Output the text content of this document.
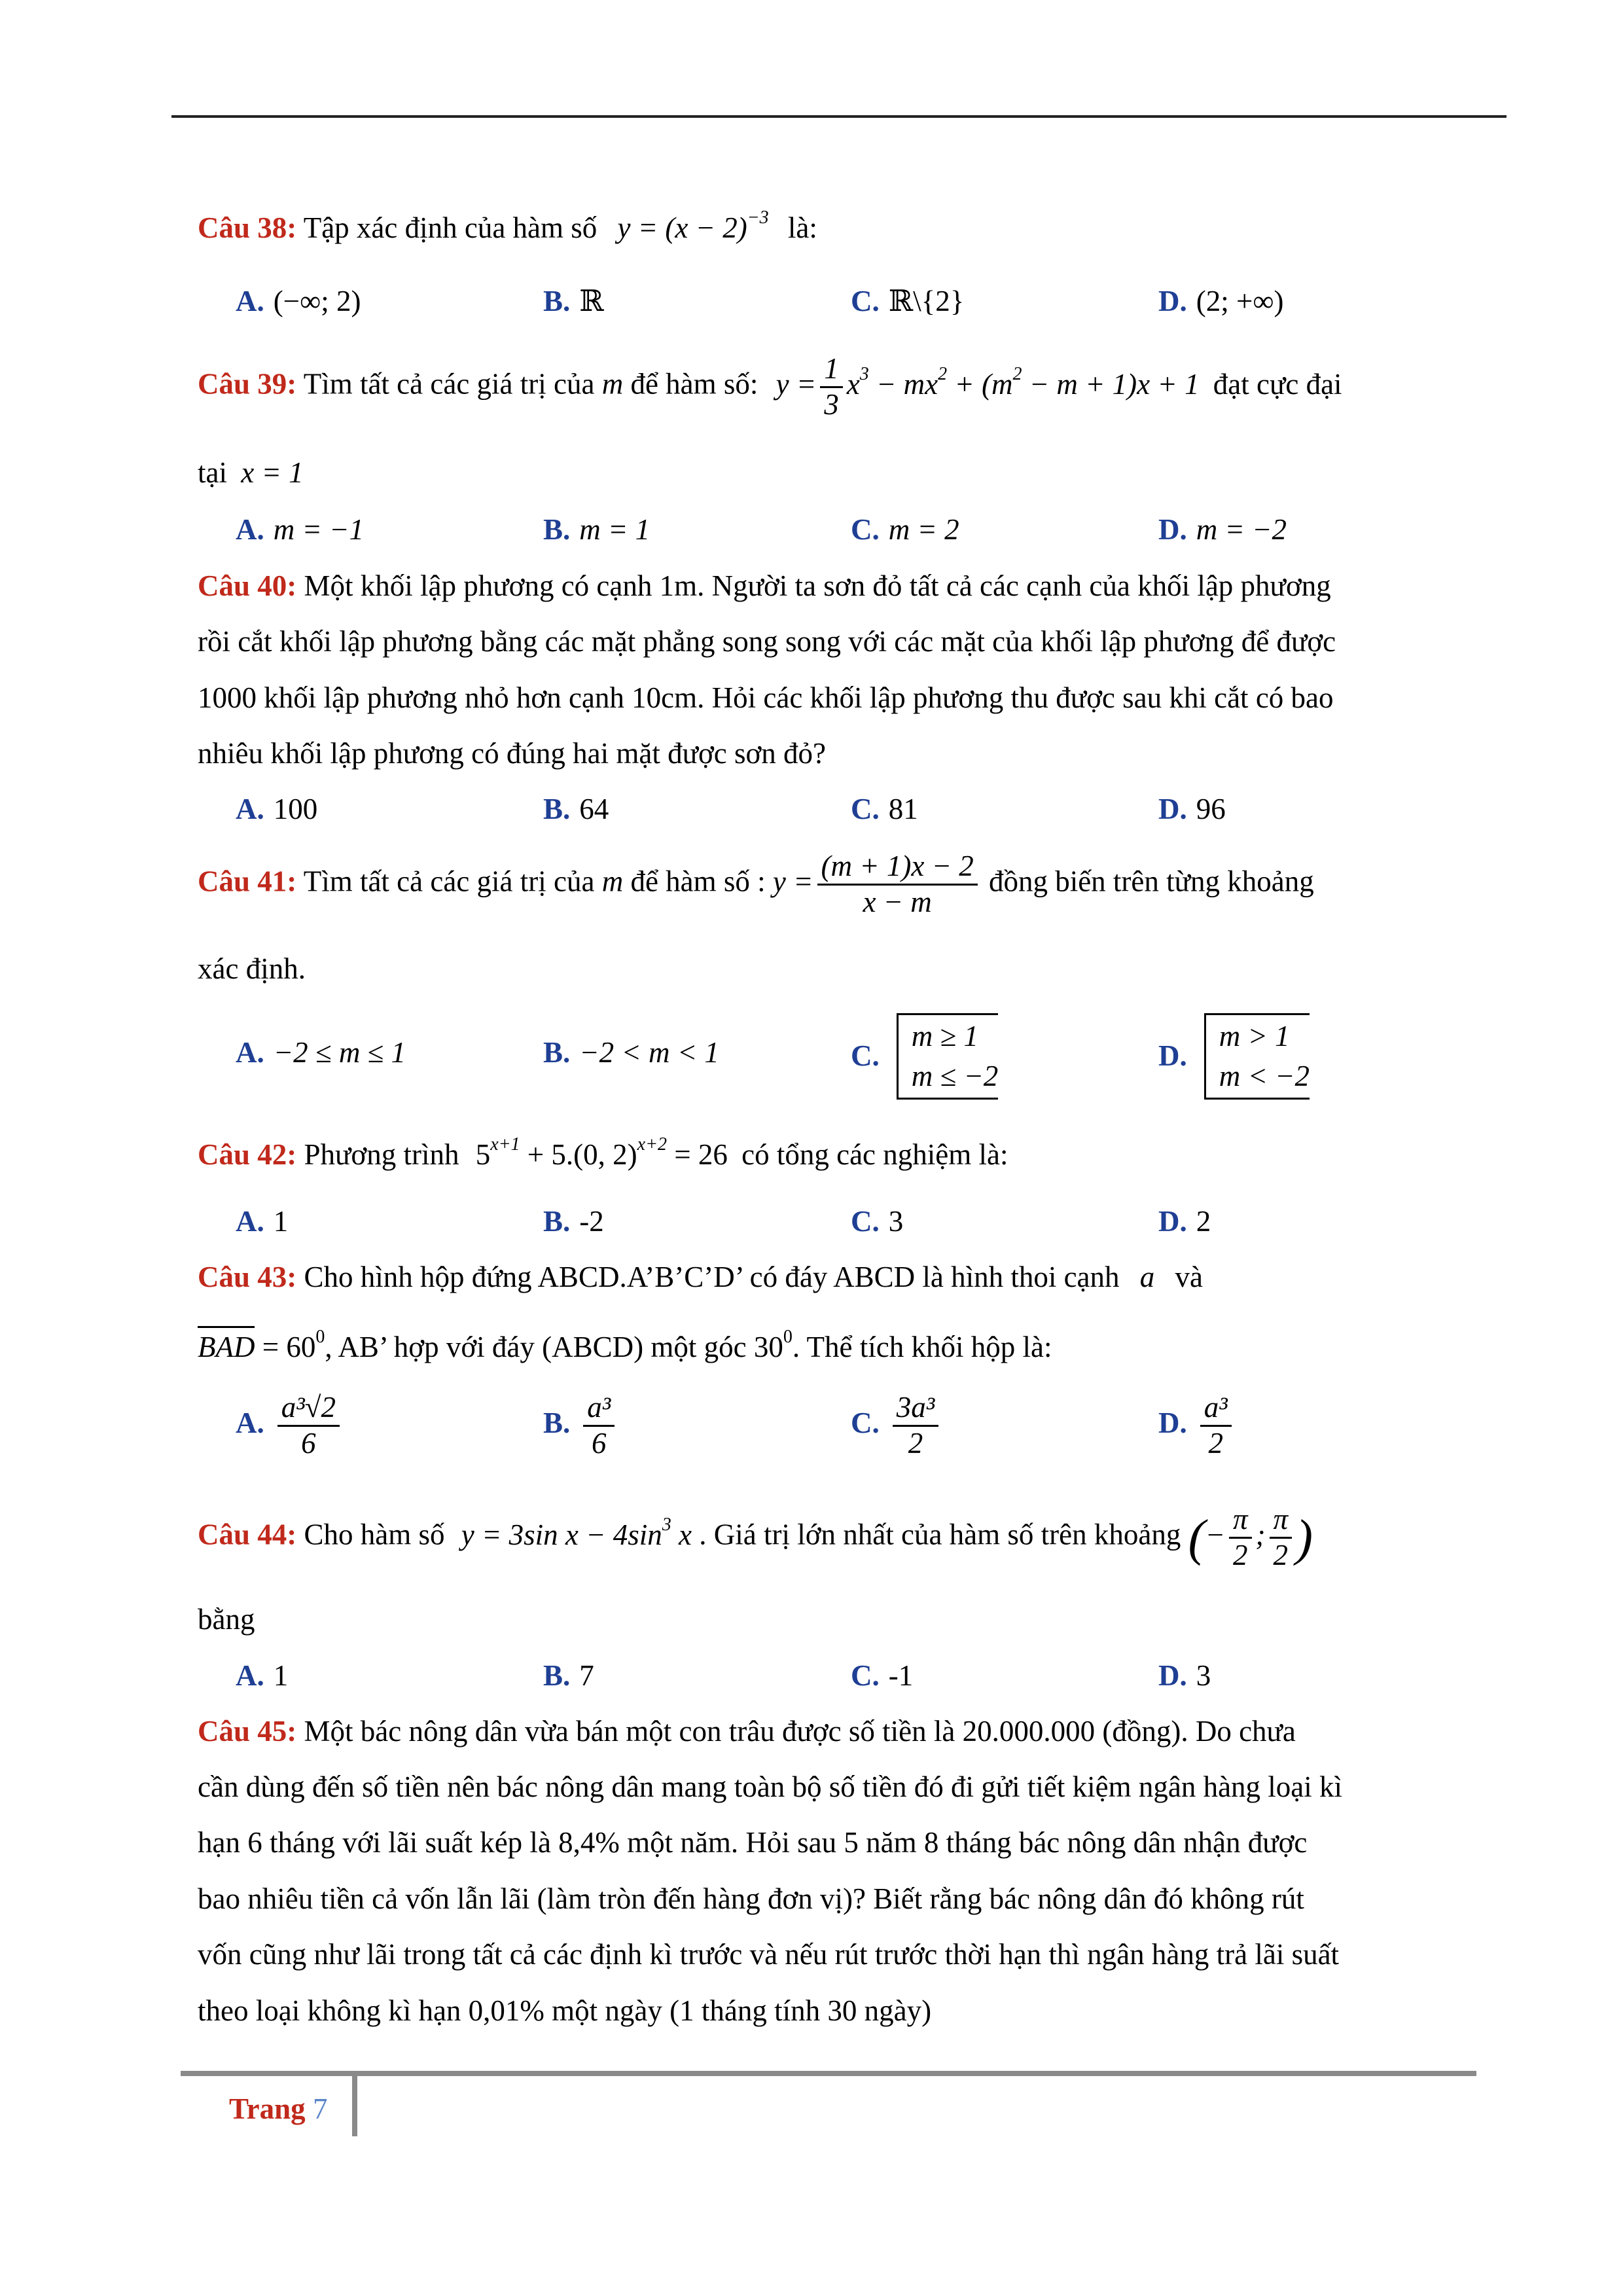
Câu 38: Tập xác định của hàm số $y = (x - 2)^{-3}$ là:
A. (−∞; 2)	B. ℝ	C. ℝ\{2}	D. (2; +∞)
Câu 39: Tìm tất cả các giá trị của m để hàm số: $y = \frac{1}{3} x^3 - mx^2 + (m^2 - m + 1)x + 1$ đạt cực đại
tại x = 1
A. m = −1	B. m = 1	C. m = 2	D. m = −2
Câu 40: Một khối lập phương có cạnh 1m. Người ta sơn đỏ tất cả các cạnh của khối lập phương
rồi cắt khối lập phương bằng các mặt phẳng song song với các mặt của khối lập phương để được
1000 khối lập phương nhỏ hơn cạnh 10cm. Hỏi các khối lập phương thu được sau khi cắt có bao
nhiêu khối lập phương có đúng hai mặt được sơn đỏ?
A. 100	B. 64	C. 81	D. 96
Câu 41: Tìm tất cả các giá trị của m để hàm số : $y = \frac{(m + 1)x - 2}{x - m}$ đồng biến trên từng khoảng
xác định.
A. −2 ≤ m ≤ 1	B. −2 < m < 1	C.
m ≥ 1
m ≤ −2
D.
m > 1
m < −2
Câu 42: Phương trình $5^{x+1} + 5.(0$, 2)$^{x+2}$ = 26 có tổng các nghiệm là:
A. 1	B. -2	C. 3	D. 2
Câu 43: Cho hình hộp đứng ABCD.A’B’C’D’ có đáy ABCD là hình thoi cạnh a và
BAD = $60^0$, AB’ hợp với đáy (ABCD) một góc $30^0$. Thể tích khối hộp là:
A. $\frac{\text{a³√2}}{6}$	B. $\frac{\text{a³}}{6}$	C. $\frac{\text{3a³}}{2}$	D. $\frac{\text{a³}}{2}$
Câu 44: Cho hàm số y = 3sin $x - 4\sin^3$ x . Giá trị lớn nhất của hàm số trên khoảng (− $\frac{\pi}{2}$ ; $\frac{\pi}{2}$ )
bằng
A. 1	B. 7	C. -1	D. 3
Câu 45: Một bác nông dân vừa bán một con trâu được số tiền là 20.000.000 (đồng). Do chưa
cần dùng đến số tiền nên bác nông dân mang toàn bộ số tiền đó đi gửi tiết kiệm ngân hàng loại kì
hạn 6 tháng với lãi suất kép là 8,4% một năm. Hỏi sau 5 năm 8 tháng bác nông dân nhận được
bao nhiêu tiền cả vốn lẫn lãi (làm tròn đến hàng đơn vị)? Biết rằng bác nông dân đó không rút
vốn cũng như lãi trong tất cả các định kì trước và nếu rút trước thời hạn thì ngân hàng trả lãi suất
theo loại không kì hạn 0,01% một ngày (1 tháng tính 30 ngày)
Trang 7
